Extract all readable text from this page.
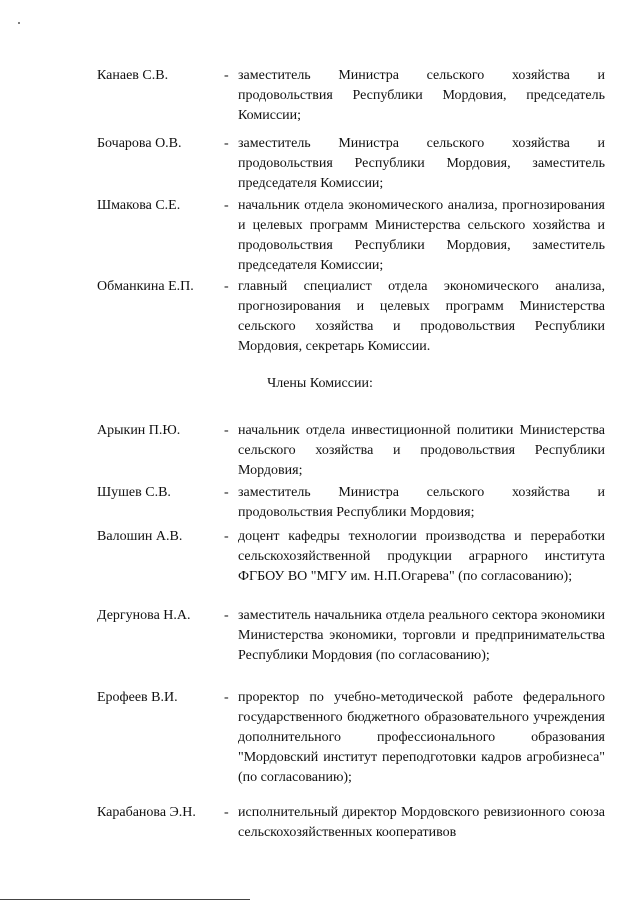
Канаев С.В.	- заместитель Министра сельского хозяйства и продовольствия Республики Мордовия, председатель Комиссии;
Бочарова О.В.	- заместитель Министра сельского хозяйства и продовольствия Республики Мордовия, заместитель председателя Комиссии;
Шмакова С.Е.	- начальник отдела экономического анализа, прогнозирования и целевых программ Министерства сельского хозяйства и продовольствия Республики Мордовия, заместитель председателя Комиссии;
Обманкина Е.П.	- главный специалист отдела экономического анализа, прогнозирования и целевых программ Министерства сельского хозяйства и продовольствия Республики Мордовия, секретарь Комиссии.
Члены Комиссии:
Арыкин П.Ю.	- начальник отдела инвестиционной политики Министерства сельского хозяйства и продовольствия Республики Мордовия;
Шушев С.В.	- заместитель Министра сельского хозяйства и продовольствия Республики Мордовия;
Валошин А.В.	- доцент кафедры технологии производства и переработки сельскохозяйственной продукции аграрного института ФГБОУ ВО "МГУ им. Н.П.Огарева" (по согласованию);
Дергунова Н.А.	- заместитель начальника отдела реального сектора экономики Министерства экономики, торговли и предпринимательства Республики Мордовия (по согласованию);
Ерофеев В.И.	- проректор по учебно-методической работе федерального государственного бюджетного образовательного учреждения дополнительного профессионального образования "Мордовский институт переподготовки кадров агробизнеса" (по согласованию);
Карабанова Э.Н.	- исполнительный директор Мордовского ревизионного союза сельскохозяйственных кооперативов
